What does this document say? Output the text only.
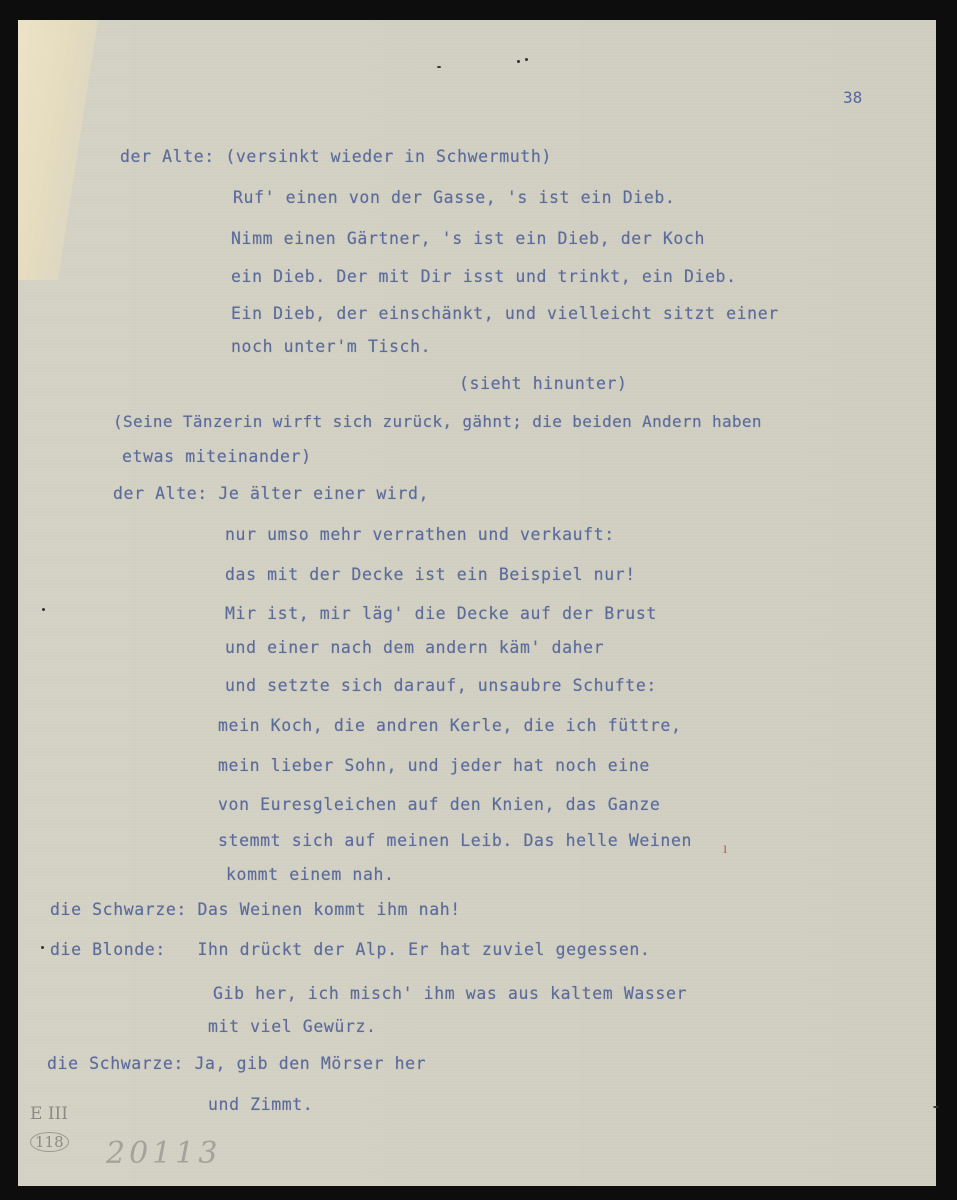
38
der Alte: (versinkt wieder in Schwermuth)
Ruf' einen von der Gasse, 's ist ein Dieb.
Nimm einen Gärtner, 's ist ein Dieb, der Koch
ein Dieb. Der mit Dir isst und trinkt, ein Dieb.
Ein Dieb, der einschänkt, und vielleicht sitzt einer
noch unter'm Tisch.
(sieht hinunter)
(Seine Tänzerin wirft sich zurück, gähnt; die beiden Andern haben
etwas miteinander)
der Alte: Je älter einer wird,
nur umso mehr verrathen und verkauft:
das mit der Decke ist ein Beispiel nur!
Mir ist, mir läg' die Decke auf der Brust
und einer nach dem andern käm' daher
und setzte sich darauf, unsaubre Schufte:
mein Koch, die andren Kerle, die ich füttre,
mein lieber Sohn, und jeder hat noch eine
von Euresgleichen auf den Knien, das Ganze
stemmt sich auf meinen Leib. Das helle Weinen
kommt einem nah.
die Schwarze: Das Weinen kommt ihm nah!
die Blonde:   Ihn drückt der Alp. Er hat zuviel gegessen.
Gib her, ich misch' ihm was aus kaltem Wasser
mit viel Gewürz.
die Schwarze: Ja, gib den Mörser her
und Zimmt.
ı
E III
118 20113
